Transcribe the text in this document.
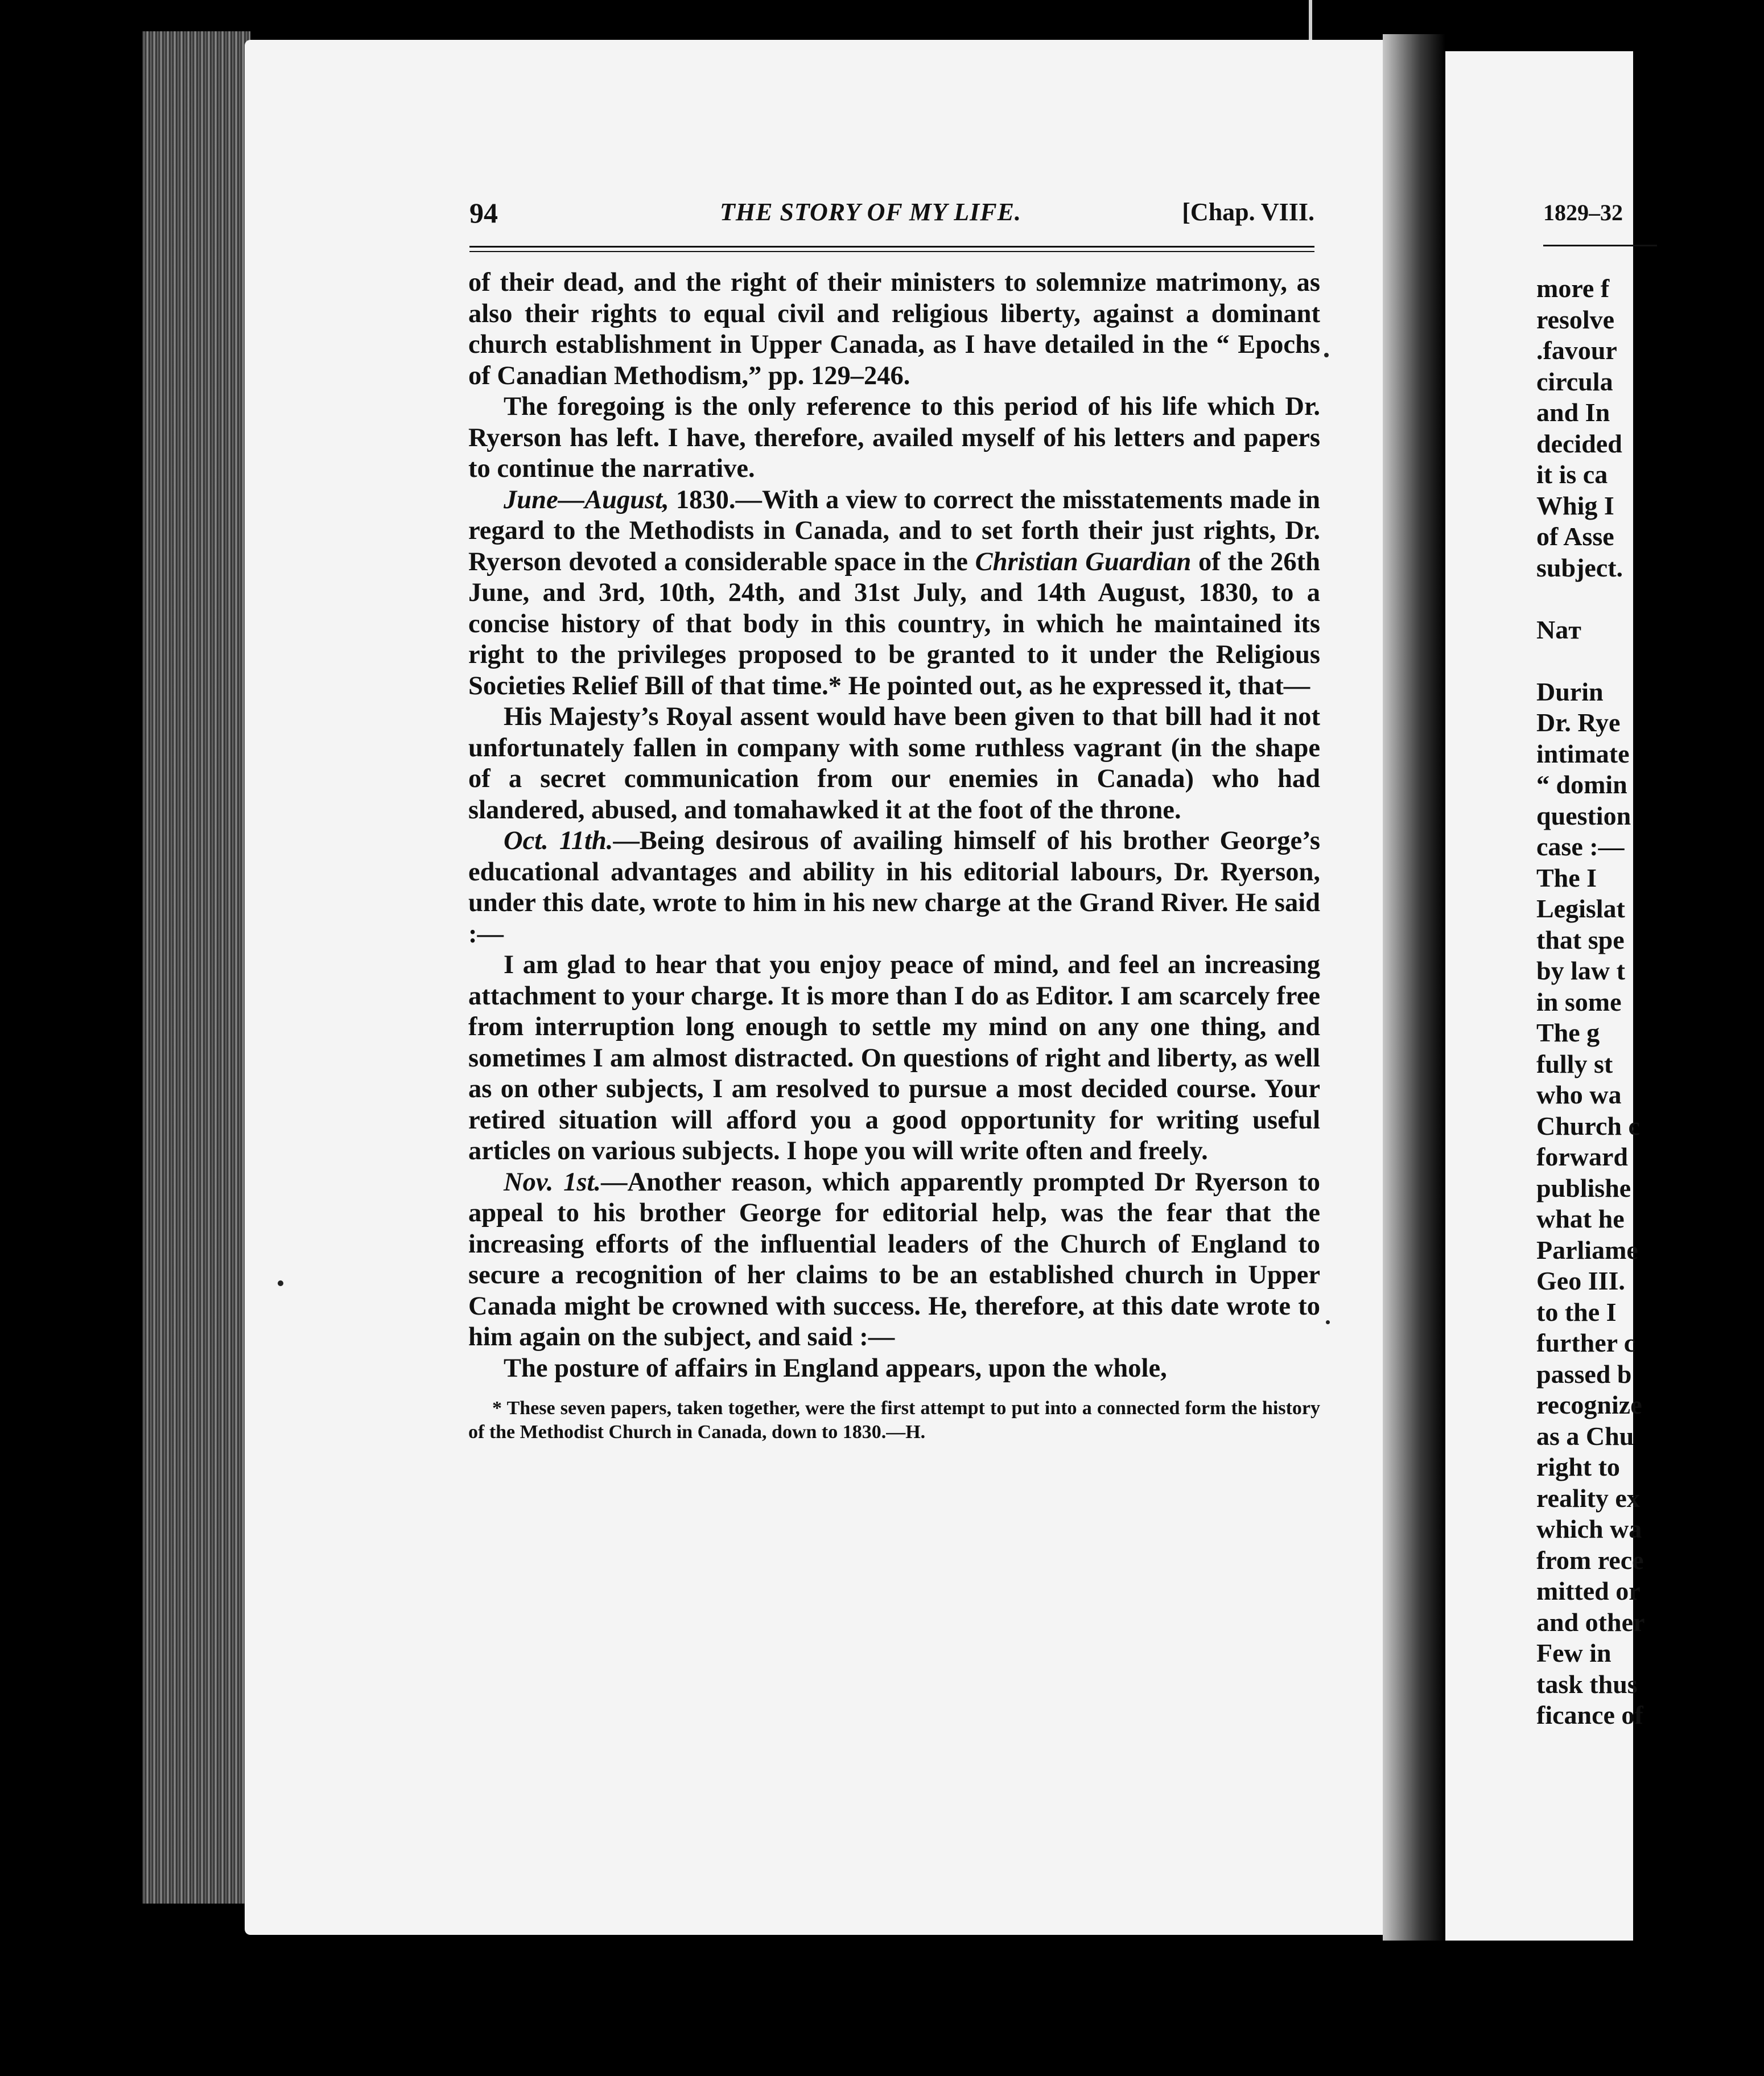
94	THE STORY OF MY LIFE.	[Chap. VIII.

of their dead, and the right of their ministers to solemnize matrimony, as also their rights to equal civil and religious liberty, against a dominant church establishment in Upper Canada, as I have detailed in the “ Epochs of Canadian Methodism,” pp. 129–246.

The foregoing is the only reference to this period of his life which Dr. Ryerson has left. I have, therefore, availed myself of his letters and papers to continue the narrative.

June—August, 1830.—With a view to correct the misstatements made in regard to the Methodists in Canada, and to set forth their just rights, Dr. Ryerson devoted a considerable space in the Christian Guardian of the 26th June, and 3rd, 10th, 24th, and 31st July, and 14th August, 1830, to a concise history of that body in this country, in which he maintained its right to the privileges proposed to be granted to it under the Religious Societies Relief Bill of that time.* He pointed out, as he expressed it, that—

His Majesty’s Royal assent would have been given to that bill had it not unfortunately fallen in company with some ruthless vagrant (in the shape of a secret communication from our enemies in Canada) who had slandered, abused, and tomahawked it at the foot of the throne.

Oct. 11th.—Being desirous of availing himself of his brother George’s educational advantages and ability in his editorial labours, Dr. Ryerson, under this date, wrote to him in his new charge at the Grand River. He said :—

I am glad to hear that you enjoy peace of mind, and feel an increasing attachment to your charge. It is more than I do as Editor. I am scarcely free from interruption long enough to settle my mind on any one thing, and sometimes I am almost distracted. On questions of right and liberty, as well as on other subjects, I am resolved to pursue a most decided course. Your retired situation will afford you a good opportunity for writing useful articles on various subjects. I hope you will write often and freely.

Nov. 1st.—Another reason, which apparently prompted Dr Ryerson to appeal to his brother George for editorial help, was the fear that the increasing efforts of the influential leaders of the Church of England to secure a recognition of her claims to be an established church in Upper Canada might be crowned with success. He, therefore, at this date wrote to him again on the subject, and said :—

The posture of affairs in England appears, upon the whole,

* These seven papers, taken together, were the first attempt to put into a connected form the history of the Methodist Church in Canada, down to 1830.—H.

1829–32
more f
resolve
.favour
circula
and In
decided
it is ca
Whig I
of Asse
subject.
Naᴛ
Durin
Dr. Rye
intimate
“ domin
question
case :—
The I
Legislat
that spe
by law t
in some
The g
fully st
who wa
Church c
forward
publishe
what he
Parliame
Geo III.
to the I
further c
passed b
recognize
as a Chu
right to
reality ex
which wa
from rece
mitted or
and other
Few in
task thus
ficance of
